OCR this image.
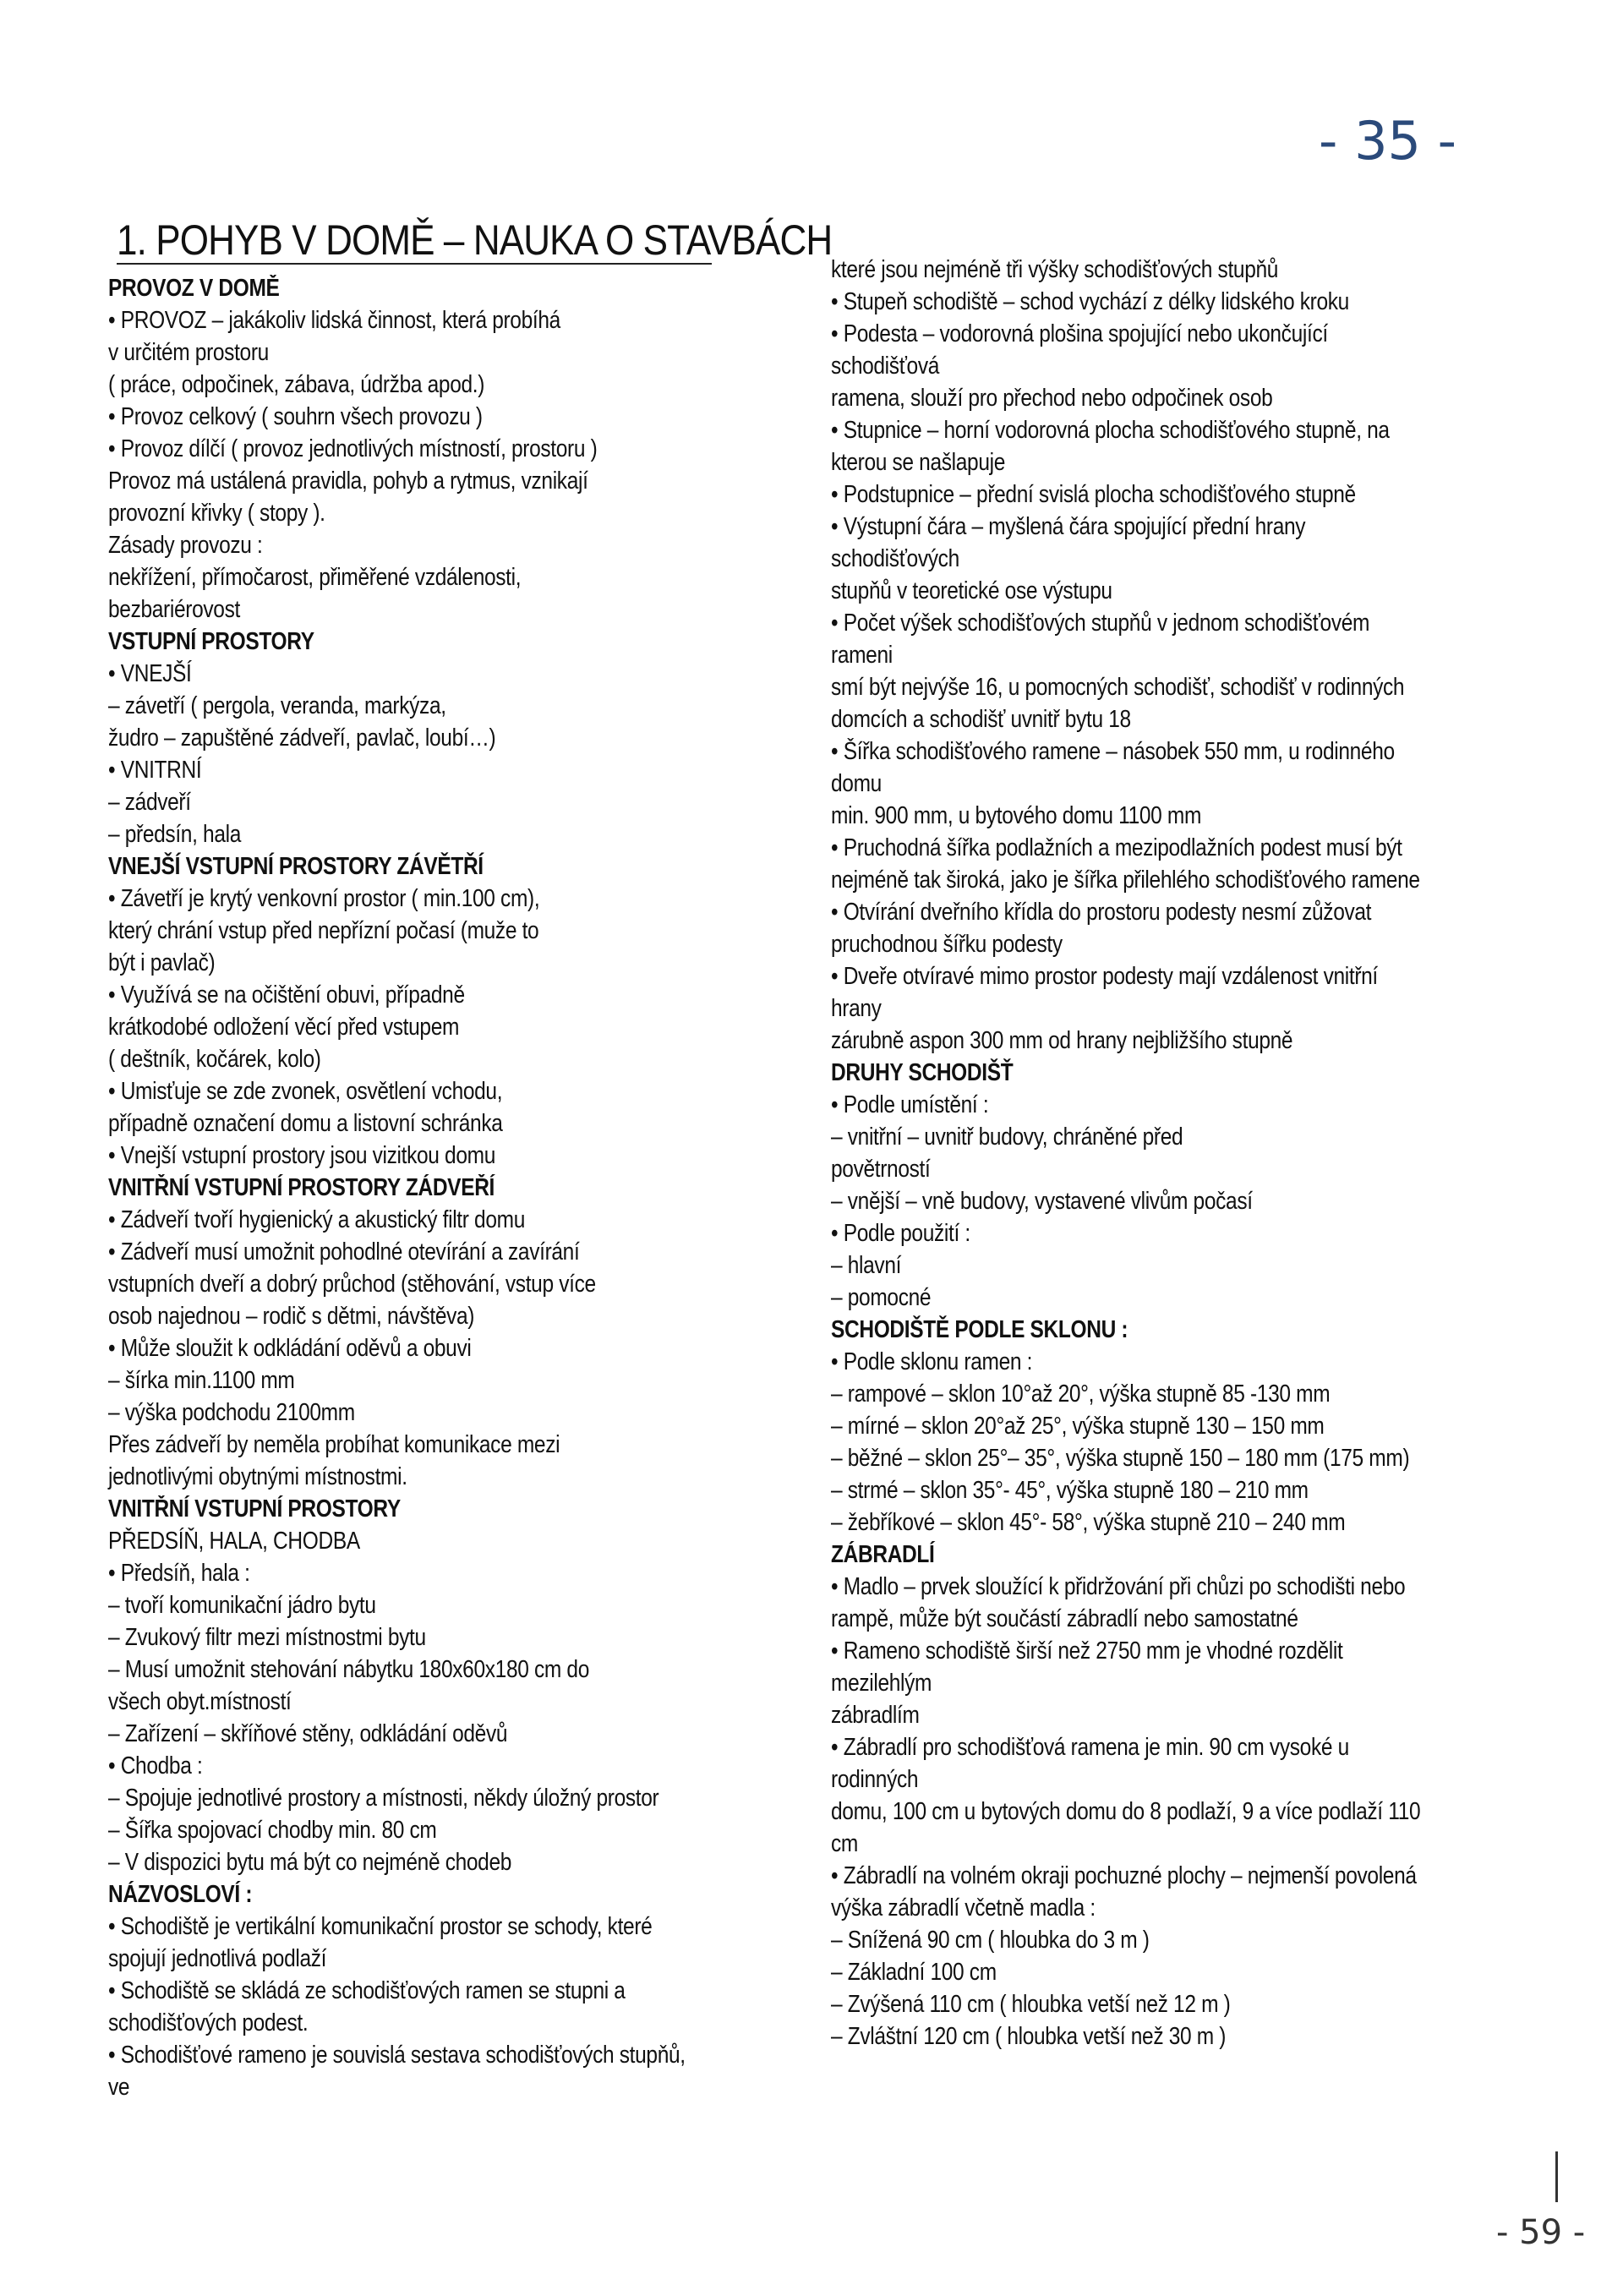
- 35 -
1. POHYB V DOMĚ – NAUKA O STAVBÁCH
PROVOZ V DOMĚ
• PROVOZ – jakákoliv lidská činnost, která probíhá
v určitém prostoru
( práce, odpočinek, zábava, údržba apod.)
• Provoz celkový ( souhrn všech provozu )
• Provoz dílčí ( provoz jednotlivých místností, prostoru )
Provoz má ustálená pravidla, pohyb a rytmus, vznikají
provozní křivky ( stopy ).
Zásady provozu :
nekřížení, přímočarost, přiměřené vzdálenosti,
bezbariérovost
VSTUPNÍ PROSTORY
• VNEJŠÍ
– závetří ( pergola, veranda, markýza,
žudro – zapuštěné zádveří, pavlač, loubí…)
• VNITRNÍ
– zádveří
– předsín, hala
VNEJŠÍ VSTUPNÍ PROSTORY ZÁVĚTŘÍ
• Závetří je krytý venkovní prostor ( min.100 cm),
který chrání vstup před nepřízní počasí (muže to
být i pavlač)
• Využívá se na očištění obuvi, případně
krátkodobé odložení věcí před vstupem
( deštník, kočárek, kolo)
• Umisťuje se zde zvonek, osvětlení vchodu,
případně označení domu a listovní schránka
• Vnejší vstupní prostory jsou vizitkou domu
VNITŘNÍ VSTUPNÍ PROSTORY ZÁDVEŘÍ
• Zádveří tvoří hygienický a akustický filtr domu
• Zádveří musí umožnit pohodlné otevírání a zavírání
vstupních dveří a dobrý průchod (stěhování, vstup více
osob najednou – rodič s dětmi, návštěva)
• Může sloužit k odkládání oděvů a obuvi
– šírka min.1100 mm
– výška podchodu 2100mm
Přes zádveří by neměla probíhat komunikace mezi
jednotlivými obytnými místnostmi.
VNITŘNÍ VSTUPNÍ PROSTORY
PŘEDSÍŇ, HALA, CHODBA
• Předsíň, hala :
– tvoří komunikační jádro bytu
– Zvukový filtr mezi místnostmi bytu
– Musí umožnit stehování nábytku 180x60x180 cm do
všech obyt.místností
– Zařízení – skříňové stěny, odkládání oděvů
• Chodba :
– Spojuje jednotlivé prostory a místnosti, někdy úložný prostor
– Šířka spojovací chodby min. 80 cm
– V dispozici bytu má být co nejméně chodeb
NÁZVOSLOVÍ :
• Schodiště je vertikální komunikační prostor se schody, které
spojují jednotlivá podlaží
• Schodiště se skládá ze schodišťových ramen se stupni a
schodišťových podest.
• Schodišťové rameno je souvislá sestava schodišťových stupňů,
ve
které jsou nejméně tři výšky schodišťových stupňů
• Stupeň schodiště – schod vychází z délky lidského kroku
• Podesta – vodorovná plošina spojující nebo ukončující
schodišťová
ramena, slouží pro přechod nebo odpočinek osob
• Stupnice – horní vodorovná plocha schodišťového stupně, na
kterou se našlapuje
• Podstupnice – přední svislá plocha schodišťového stupně
• Výstupní čára – myšlená čára spojující přední hrany
schodišťových
stupňů v teoretické ose výstupu
• Počet výšek schodišťových stupňů v jednom schodišťovém
rameni
smí být nejvýše 16, u pomocných schodišť, schodišť v rodinných
domcích a schodišť uvnitř bytu 18
• Šířka schodišťového ramene – násobek 550 mm, u rodinného
domu
min. 900 mm, u bytového domu 1100 mm
• Pruchodná šířka podlažních a mezipodlažních podest musí být
nejméně tak široká, jako je šířka přilehlého schodišťového ramene
• Otvírání dveřního křídla do prostoru podesty nesmí zůžovat
pruchodnou šířku podesty
• Dveře otvíravé mimo prostor podesty mají vzdálenost vnitřní
hrany
zárubně aspon 300 mm od hrany nejbližšího stupně
DRUHY SCHODIŠŤ
• Podle umístění :
– vnitřní – uvnitř budovy, chráněné před
povětrností
– vnější – vně budovy, vystavené vlivům počasí
• Podle použití :
– hlavní
– pomocné
SCHODIŠTĚ PODLE SKLONU :
• Podle sklonu ramen :
– rampové – sklon 10°až 20°, výška stupně 85 -130 mm
– mírné – sklon 20°až 25°, výška stupně 130 – 150 mm
– běžné – sklon 25°– 35°, výška stupně 150 – 180 mm (175 mm)
– strmé – sklon 35°- 45°, výška stupně 180 – 210 mm
– žebříkové – sklon 45°- 58°, výška stupně 210 – 240 mm
ZÁBRADLÍ
• Madlo – prvek sloužící k přidržování při chůzi po schodišti nebo
rampě, může být součástí zábradlí nebo samostatné
• Rameno schodiště širší než 2750 mm je vhodné rozdělit
mezilehlým
zábradlím
• Zábradlí pro schodišťová ramena je min. 90 cm vysoké u
rodinných
domu, 100 cm u bytových domu do 8 podlaží, 9 a více podlaží 110
cm
• Zábradlí na volném okraji pochuzné plochy – nejmenší povolená
výška zábradlí včetně madla :
– Snížená 90 cm ( hloubka do 3 m )
– Základní 100 cm
– Zvýšená 110 cm ( hloubka vetší než 12 m )
– Zvláštní 120 cm ( hloubka vetší než 30 m )
- 59 -
